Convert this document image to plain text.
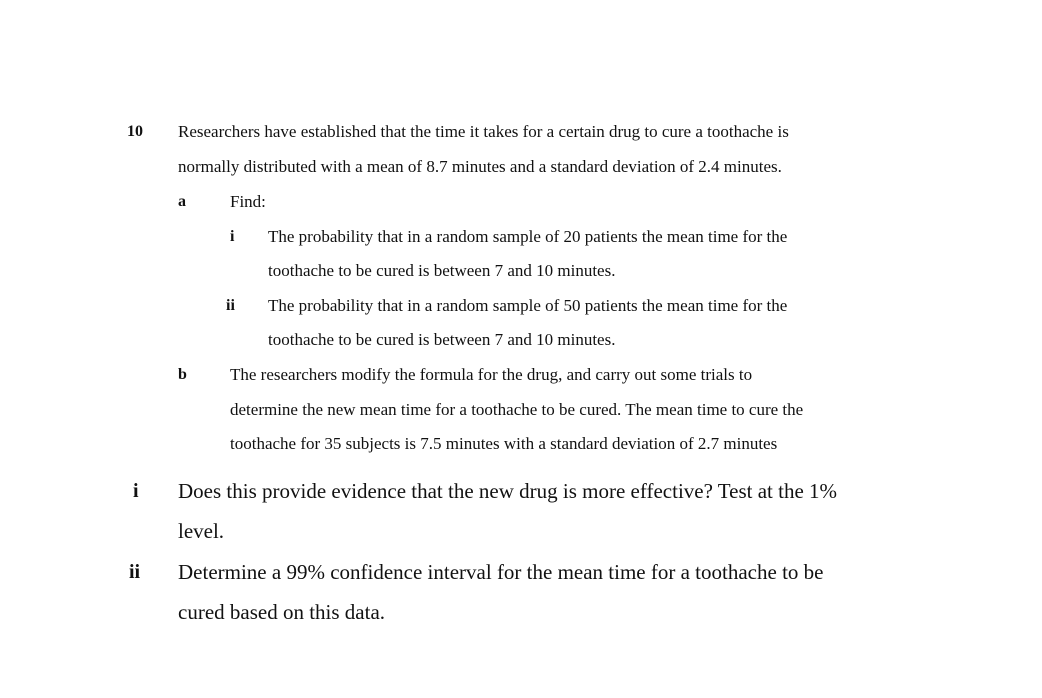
10 Researchers have established that the time it takes for a certain drug to cure a toothache is
normally distributed with a mean of 8.7 minutes and a standard deviation of 2.4 minutes.
a	Find:
i The probability that in a random sample of 20 patients the mean time for the
toothache to be cured is between 7 and 10 minutes.
ii The probability that in a random sample of 50 patients the mean time for the
toothache to be cured is between 7 and 10 minutes.
b	The researchers modify the formula for the drug, and carry out some trials to
determine the new mean time for a toothache to be cured. The mean time to cure the
toothache for 35 subjects is 7.5 minutes with a standard deviation of 2.7 minutes
i Does this provide evidence that the new drug is more effective? Test at the 1%
level.
ii Determine a 99% confidence interval for the mean time for a toothache to be
cured based on this data.
